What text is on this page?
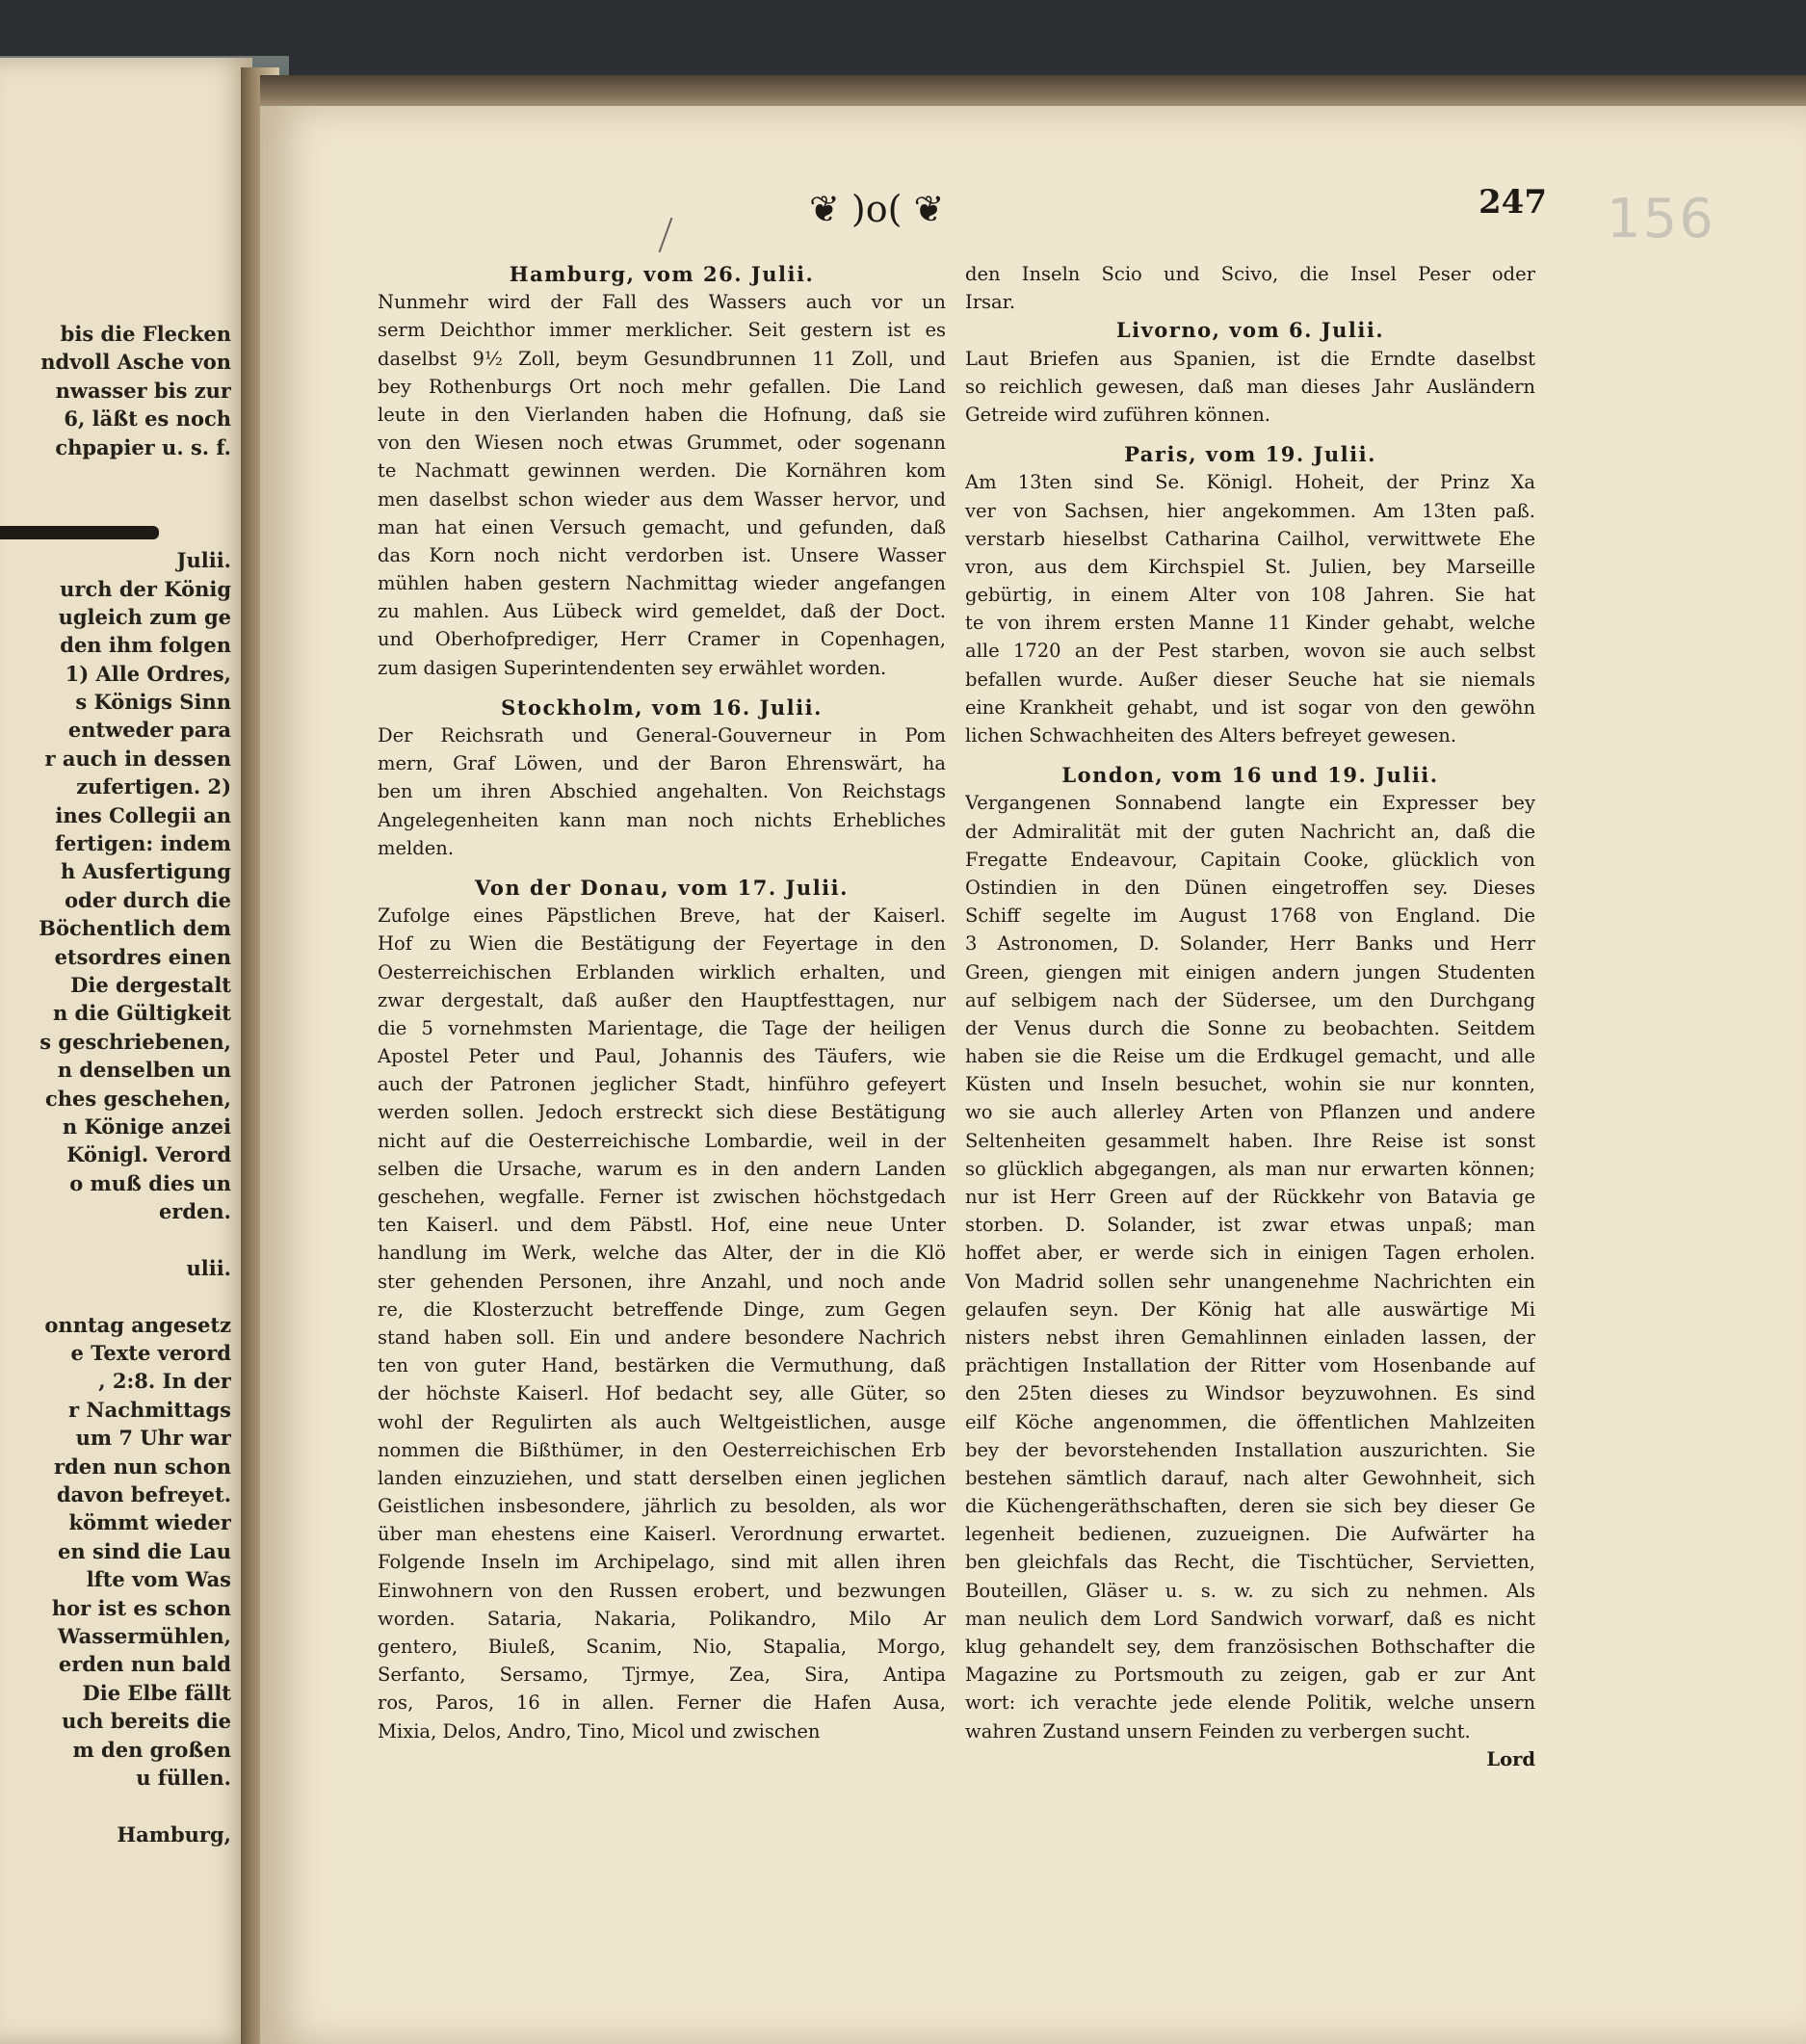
bis die Flecken
ndvoll Asche von
nwasser bis zur
6, läßt es noch
chpapier u. s. f.
Julii.
urch der König
ugleich zum ge
den ihm folgen
1) Alle Ordres,
s Königs Sinn
entweder para
r auch in dessen
zufertigen. 2)
ines Collegii an
fertigen: indem
h Ausfertigung
oder durch die
Böchentlich dem
etsordres einen
Die dergestalt
n die Gültigkeit
s geschriebenen,
n denselben un
ches geschehen,
n Könige anzei
Königl. Verord
o muß dies un
erden.
ulii.
onntag angesetz
e Texte verord
, 2:8. In der
r Nachmittags
um 7 Uhr war
rden nun schon
davon befreyet.
kömmt wieder
en sind die Lau
lfte vom Was
hor ist es schon
Wassermühlen,
erden nun bald
Die Elbe fällt
uch bereits die
m den großen
u füllen.
Hamburg,
❦ )o( ❦	247 156
Hamburg, vom 26. Julii.
Nunmehr wird der Fall des Wassers auch vor un
serm Deichthor immer merklicher. Seit gestern ist es
daselbst 9½ Zoll, beym Gesundbrunnen 11 Zoll, und
bey Rothenburgs Ort noch mehr gefallen. Die Land
leute in den Vierlanden haben die Hofnung, daß sie
von den Wiesen noch etwas Grummet, oder sogenann
te Nachmatt gewinnen werden. Die Kornähren kom
men daselbst schon wieder aus dem Wasser hervor, und
man hat einen Versuch gemacht, und gefunden, daß
das Korn noch nicht verdorben ist. Unsere Wasser
mühlen haben gestern Nachmittag wieder angefangen
zu mahlen. Aus Lübeck wird gemeldet, daß der Doct.
und Oberhofprediger, Herr Cramer in Copenhagen,
zum dasigen Superintendenten sey erwählet worden.
Stockholm, vom 16. Julii.
Der Reichsrath und General-Gouverneur in Pom
mern, Graf Löwen, und der Baron Ehrenswärt, ha
ben um ihren Abschied angehalten. Von Reichstags
Angelegenheiten kann man noch nichts Erhebliches
melden.
Von der Donau, vom 17. Julii.
Zufolge eines Päpstlichen Breve, hat der Kaiserl.
Hof zu Wien die Bestätigung der Feyertage in den
Oesterreichischen Erblanden wirklich erhalten, und
zwar dergestalt, daß außer den Hauptfesttagen, nur
die 5 vornehmsten Marientage, die Tage der heiligen
Apostel Peter und Paul, Johannis des Täufers, wie
auch der Patronen jeglicher Stadt, hinführo gefeyert
werden sollen. Jedoch erstreckt sich diese Bestätigung
nicht auf die Oesterreichische Lombardie, weil in der
selben die Ursache, warum es in den andern Landen
geschehen, wegfalle. Ferner ist zwischen höchstgedach
ten Kaiserl. und dem Päbstl. Hof, eine neue Unter
handlung im Werk, welche das Alter, der in die Klö
ster gehenden Personen, ihre Anzahl, und noch ande
re, die Klosterzucht betreffende Dinge, zum Gegen
stand haben soll. Ein und andere besondere Nachrich
ten von guter Hand, bestärken die Vermuthung, daß
der höchste Kaiserl. Hof bedacht sey, alle Güter, so
wohl der Regulirten als auch Weltgeistlichen, ausge
nommen die Bißthümer, in den Oesterreichischen Erb
landen einzuziehen, und statt derselben einen jeglichen
Geistlichen insbesondere, jährlich zu besolden, als wor
über man ehestens eine Kaiserl. Verordnung erwartet.
Folgende Inseln im Archipelago, sind mit allen ihren
Einwohnern von den Russen erobert, und bezwungen
worden. Sataria, Nakaria, Polikandro, Milo Ar
gentero, Biuleß, Scanim, Nio, Stapalia, Morgo,
Serfanto, Sersamo, Tjrmye, Zea, Sira, Antipa
ros, Paros, 16 in allen. Ferner die Hafen Ausa,
Mixia, Delos, Andro, Tino, Micol und zwischen
den Inseln Scio und Scivo, die Insel Peser oder
Irsar.
Livorno, vom 6. Julii.
Laut Briefen aus Spanien, ist die Erndte daselbst
so reichlich gewesen, daß man dieses Jahr Ausländern
Getreide wird zuführen können.
Paris, vom 19. Julii.
Am 13ten sind Se. Königl. Hoheit, der Prinz Xa
ver von Sachsen, hier angekommen. Am 13ten paß.
verstarb hieselbst Catharina Cailhol, verwittwete Ehe
vron, aus dem Kirchspiel St. Julien, bey Marseille
gebürtig, in einem Alter von 108 Jahren. Sie hat
te von ihrem ersten Manne 11 Kinder gehabt, welche
alle 1720 an der Pest starben, wovon sie auch selbst
befallen wurde. Außer dieser Seuche hat sie niemals
eine Krankheit gehabt, und ist sogar von den gewöhn
lichen Schwachheiten des Alters befreyet gewesen.
London, vom 16 und 19. Julii.
Vergangenen Sonnabend langte ein Expresser bey
der Admiralität mit der guten Nachricht an, daß die
Fregatte Endeavour, Capitain Cooke, glücklich von
Ostindien in den Dünen eingetroffen sey. Dieses
Schiff segelte im August 1768 von England. Die
3 Astronomen, D. Solander, Herr Banks und Herr
Green, giengen mit einigen andern jungen Studenten
auf selbigem nach der Südersee, um den Durchgang
der Venus durch die Sonne zu beobachten. Seitdem
haben sie die Reise um die Erdkugel gemacht, und alle
Küsten und Inseln besuchet, wohin sie nur konnten,
wo sie auch allerley Arten von Pflanzen und andere
Seltenheiten gesammelt haben. Ihre Reise ist sonst
so glücklich abgegangen, als man nur erwarten können;
nur ist Herr Green auf der Rückkehr von Batavia ge
storben. D. Solander, ist zwar etwas unpaß; man
hoffet aber, er werde sich in einigen Tagen erholen.
Von Madrid sollen sehr unangenehme Nachrichten ein
gelaufen seyn. Der König hat alle auswärtige Mi
nisters nebst ihren Gemahlinnen einladen lassen, der
prächtigen Installation der Ritter vom Hosenbande auf
den 25ten dieses zu Windsor beyzuwohnen. Es sind
eilf Köche angenommen, die öffentlichen Mahlzeiten
bey der bevorstehenden Installation auszurichten. Sie
bestehen sämtlich darauf, nach alter Gewohnheit, sich
die Küchengeräthschaften, deren sie sich bey dieser Ge
legenheit bedienen, zuzueignen. Die Aufwärter ha
ben gleichfals das Recht, die Tischtücher, Servietten,
Bouteillen, Gläser u. s. w. zu sich zu nehmen. Als
man neulich dem Lord Sandwich vorwarf, daß es nicht
klug gehandelt sey, dem französischen Bothschafter die
Magazine zu Portsmouth zu zeigen, gab er zur Ant
wort: ich verachte jede elende Politik, welche unsern
wahren Zustand unsern Feinden zu verbergen sucht.
Lord
